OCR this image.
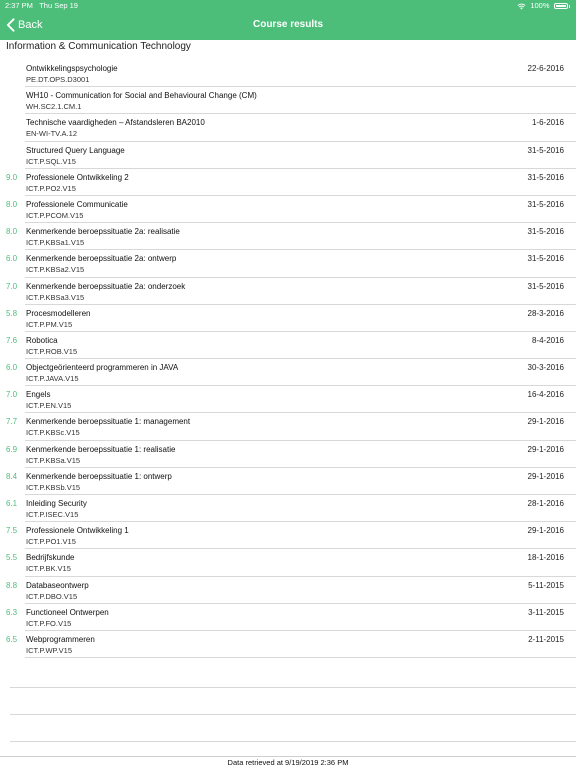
2:37 PM Thu Sep 19	100%
Back	Course results
Information & Communication Technology
Ontwikkelingspsychologie
PE.DT.OPS.D3001
22-6-2016
WH10 - Communication for Social and Behavioural Change (CM)
WH.SC2.1.CM.1
Technische vaardigheden – Afstandsleren BA2010
EN-WI-TV.A.12
1-6-2016
Structured Query Language
ICT.P.SQL.V15
31-5-2016
9.0 Professionele Ontwikkeling 2
ICT.P.PO2.V15
31-5-2016
8.0 Professionele Communicatie
ICT.P.PCOM.V15
31-5-2016
8.0 Kenmerkende beroepssituatie 2a: realisatie
ICT.P.KBSa1.V15
31-5-2016
6.0 Kenmerkende beroepssituatie 2a: ontwerp
ICT.P.KBSa2.V15
31-5-2016
7.0 Kenmerkende beroepssituatie 2a: onderzoek
ICT.P.KBSa3.V15
31-5-2016
5.8 Procesmodelleren
ICT.P.PM.V15
28-3-2016
7.6 Robotica
ICT.P.ROB.V15
8-4-2016
6.0 Objectgeörienteerd programmeren in JAVA
ICT.P.JAVA.V15
30-3-2016
7.0 Engels
ICT.P.EN.V15
16-4-2016
7.7 Kenmerkende beroepssituatie 1: management
ICT.P.KBSc.V15
29-1-2016
6.9 Kenmerkende beroepssituatie 1: realisatie
ICT.P.KBSa.V15
29-1-2016
8.4 Kenmerkende beroepssituatie 1: ontwerp
ICT.P.KBSb.V15
29-1-2016
6.1 Inleiding Security
ICT.P.ISEC.V15
28-1-2016
7.5 Professionele Ontwikkeling 1
ICT.P.PO1.V15
29-1-2016
5.5 Bedrijfskunde
ICT.P.BK.V15
18-1-2016
8.8 Databaseontwerp
ICT.P.DBO.V15
5-11-2015
6.3 Functioneel Ontwerpen
ICT.P.FO.V15
3-11-2015
6.5 Webprogrammeren
ICT.P.WP.V15
2-11-2015
Data retrieved at 9/19/2019 2:36 PM
